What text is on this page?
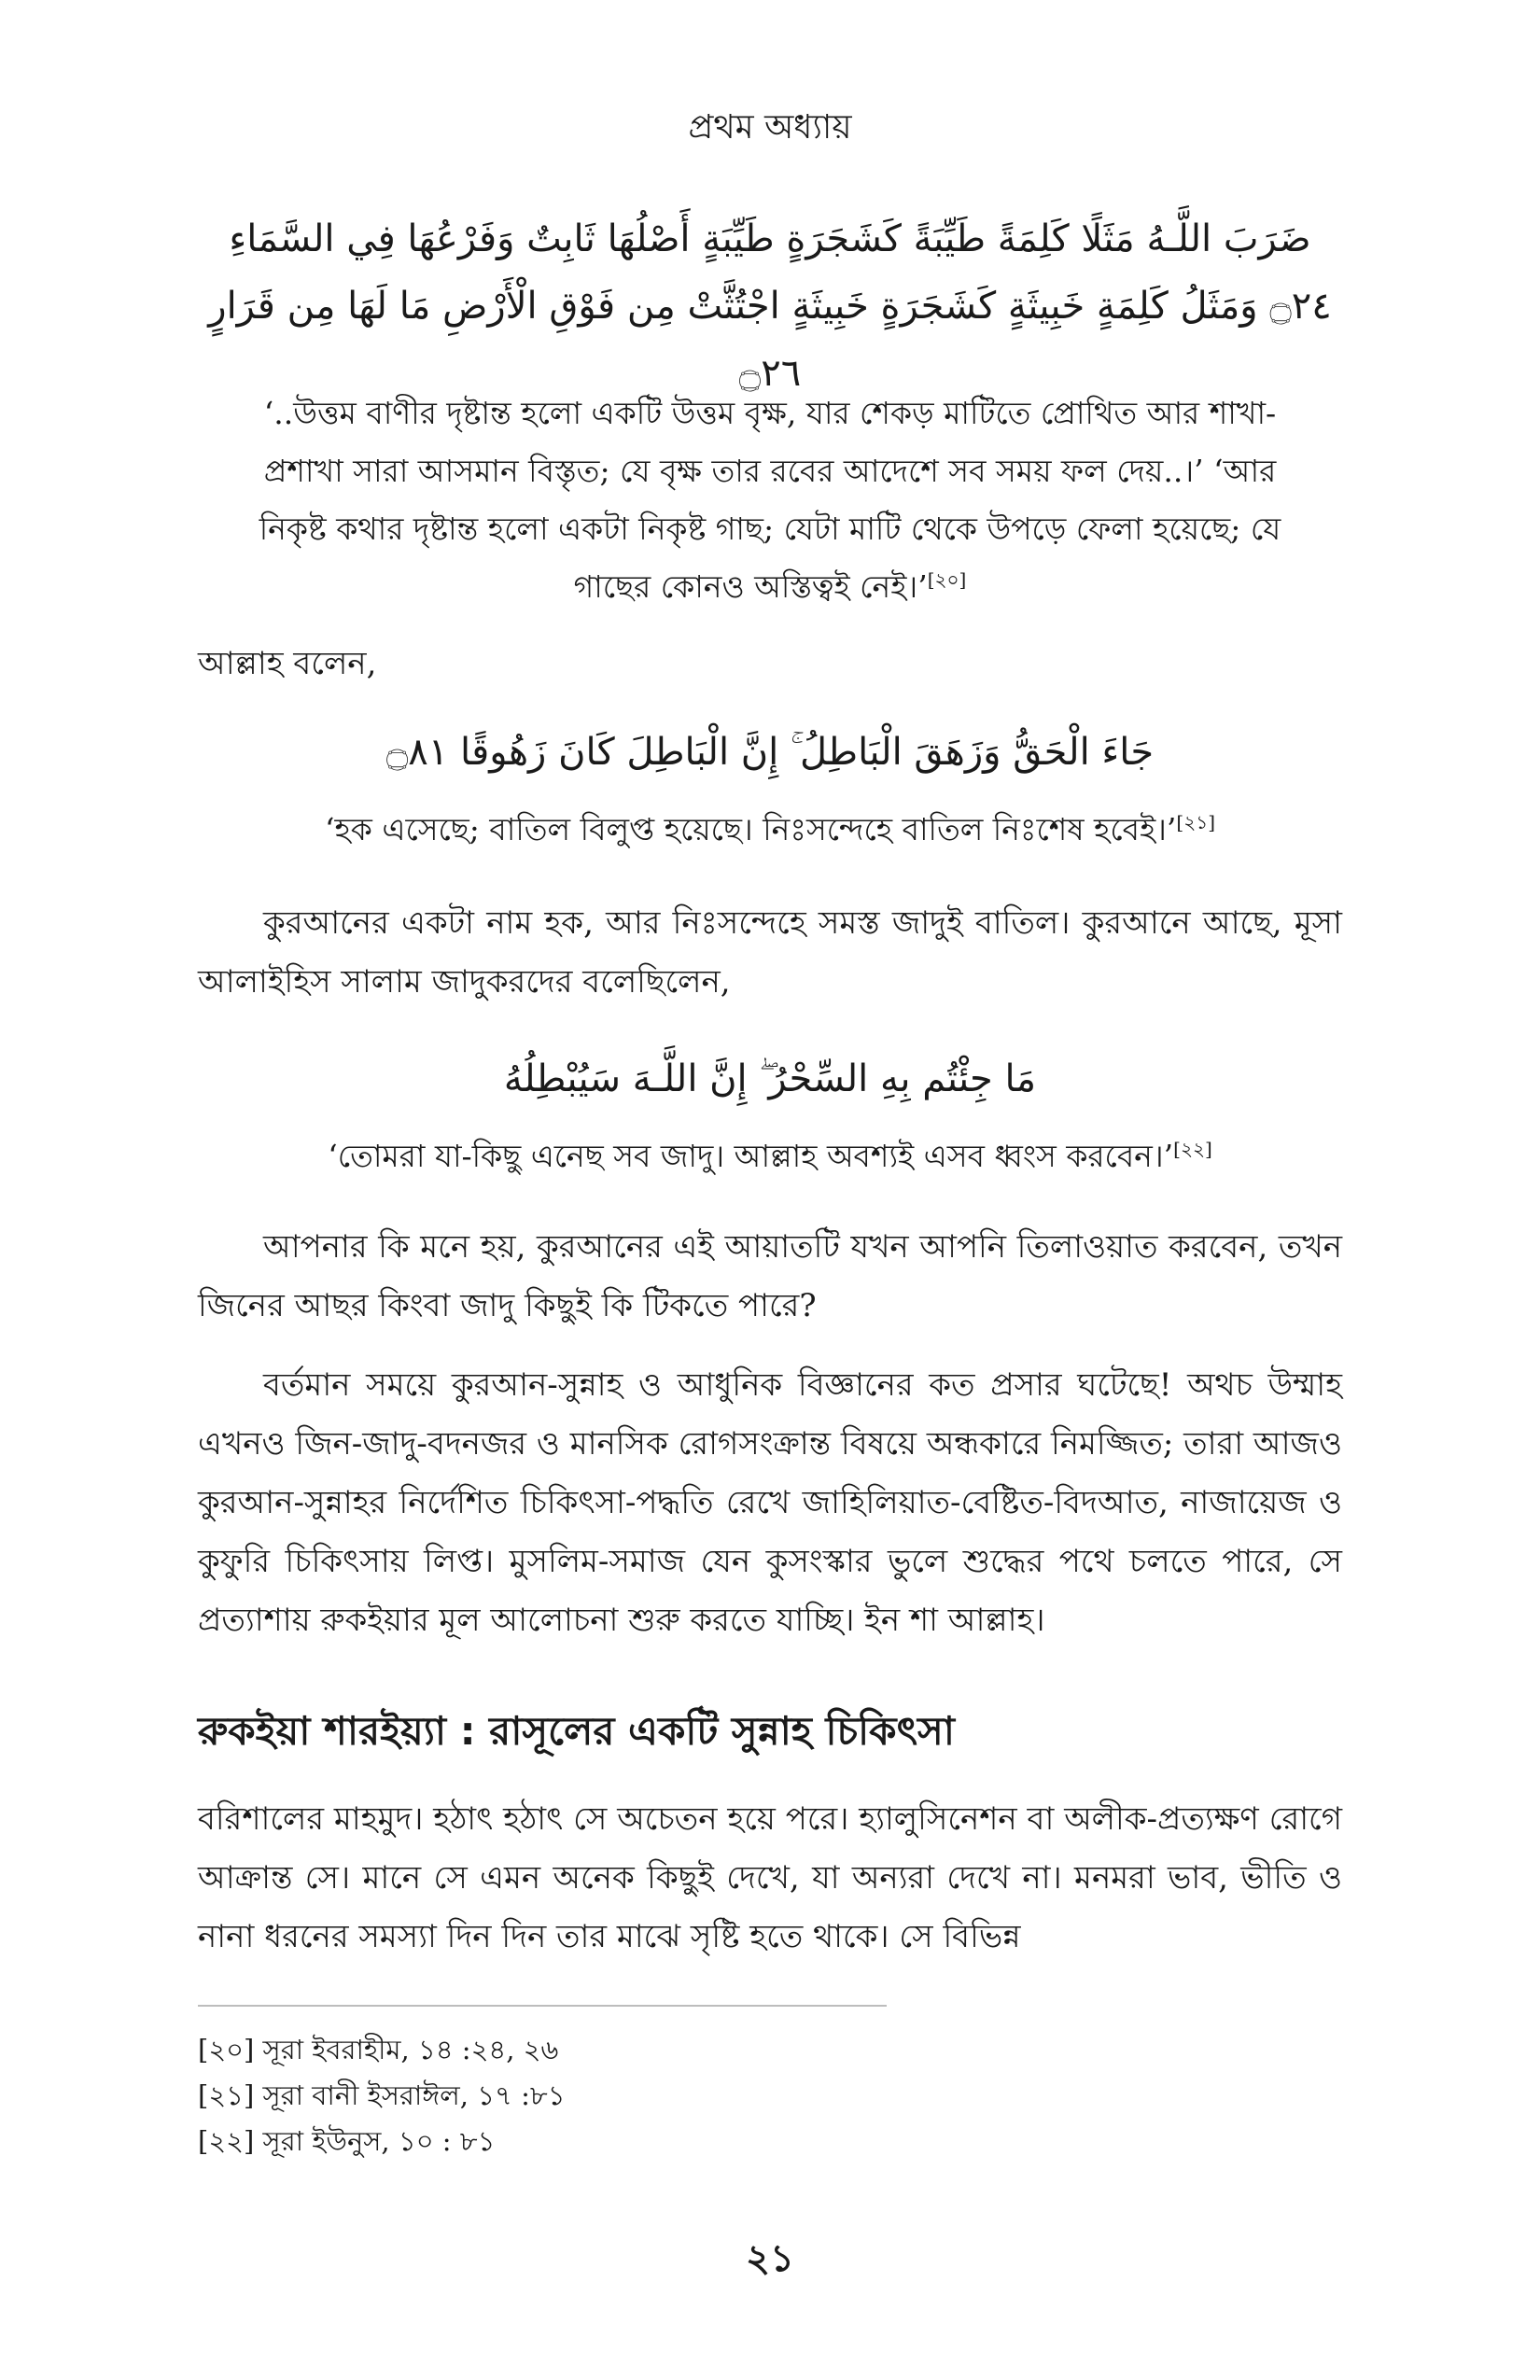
প্রথম অধ্যায়
ضَرَبَ اللَّـهُ مَثَلًا كَلِمَةً طَيِّبَةً كَشَجَرَةٍ طَيِّبَةٍ أَصْلُهَا ثَابِتٌ وَفَرْعُهَا فِي السَّمَاءِ
۝٢٤ وَمَثَلُ كَلِمَةٍ خَبِيثَةٍ كَشَجَرَةٍ خَبِيثَةٍ اجْتُثَّتْ مِن فَوْقِ الْأَرْضِ مَا لَهَا مِن قَرَارٍ ۝٢٦
‘..উত্তম বাণীর দৃষ্টান্ত হলো একটি উত্তম বৃক্ষ, যার শেকড় মাটিতে প্রোথিত আর শাখা-প্রশাখা সারা আসমান বিস্তৃত; যে বৃক্ষ তার রবের আদেশে সব সময় ফল দেয়..।’ ‘আর নিকৃষ্ট কথার দৃষ্টান্ত হলো একটা নিকৃষ্ট গাছ; যেটা মাটি থেকে উপড়ে ফেলা হয়েছে; যে গাছের কোনও অস্তিত্বই নেই।’[২০]
আল্লাহ বলেন,
جَاءَ الْحَقُّ وَزَهَقَ الْبَاطِلُ ۚ إِنَّ الْبَاطِلَ كَانَ زَهُوقًا ۝٨١
‘হক এসেছে; বাতিল বিলুপ্ত হয়েছে। নিঃসন্দেহে বাতিল নিঃশেষ হবেই।’[২১]
কুরআনের একটা নাম হক, আর নিঃসন্দেহে সমস্ত জাদুই বাতিল। কুরআনে আছে, মূসা আলাইহিস সালাম জাদুকরদের বলেছিলেন,
مَا جِئْتُم بِهِ السِّحْرُ ۖ إِنَّ اللَّـهَ سَيُبْطِلُهُ
‘তোমরা যা-কিছু এনেছ সব জাদু। আল্লাহ অবশ্যই এসব ধ্বংস করবেন।’[২২]
আপনার কি মনে হয়, কুরআনের এই আয়াতটি যখন আপনি তিলাওয়াত করবেন, তখন জিনের আছর কিংবা জাদু কিছুই কি টিকতে পারে?
বর্তমান সময়ে কুরআন-সুন্নাহ ও আধুনিক বিজ্ঞানের কত প্রসার ঘটেছে! অথচ উম্মাহ এখনও জিন-জাদু-বদনজর ও মানসিক রোগসংক্রান্ত বিষয়ে অন্ধকারে নিমজ্জিত; তারা আজও কুরআন-সুন্নাহর নির্দেশিত চিকিৎসা-পদ্ধতি রেখে জাহিলিয়াত-বেষ্টিত-বিদআত, নাজায়েজ ও কুফুরি চিকিৎসায় লিপ্ত। মুসলিম-সমাজ যেন কুসংস্কার ভুলে শুদ্ধের পথে চলতে পারে, সে প্রত্যাশায় রুকইয়ার মূল আলোচনা শুরু করতে যাচ্ছি। ইন শা আল্লাহ।
রুকইয়া শারইয়্যা : রাসূলের একটি সুন্নাহ চিকিৎসা
বরিশালের মাহমুদ। হঠাৎ হঠাৎ সে অচেতন হয়ে পরে। হ্যালুসিনেশন বা অলীক-প্রত্যক্ষণ রোগে আক্রান্ত সে। মানে সে এমন অনেক কিছুই দেখে, যা অন্যরা দেখে না। মনমরা ভাব, ভীতি ও নানা ধরনের সমস্যা দিন দিন তার মাঝে সৃষ্টি হতে থাকে। সে বিভিন্ন
[২০] সূরা ইবরাহীম, ১৪ :২৪, ২৬
[২১] সূরা বানী ইসরাঈল, ১৭ :৮১
[২২] সূরা ইউনুস, ১০ : ৮১
২১
